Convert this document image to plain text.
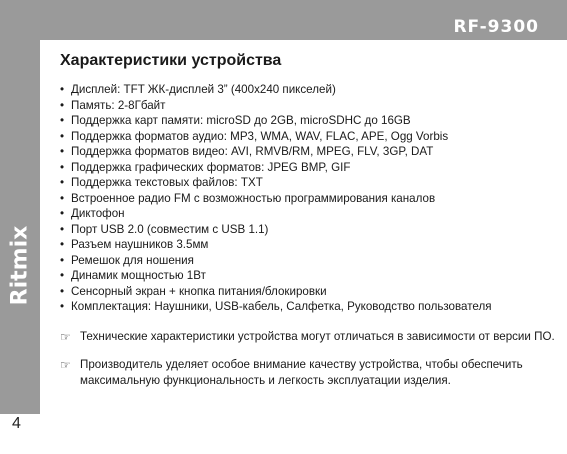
RF-9300
Ritmix
4
Характеристики устройства
• Дисплей: TFT ЖК-дисплей 3” (400х240 пикселей)
• Память: 2-8Гбайт
• Поддержка карт памяти: microSD до 2GB, microSDHC до 16GB
• Поддержка форматов аудио: MP3, WMA, WAV, FLAC, APE, Ogg Vorbis
• Поддержка форматов видео: AVI, RMVB/RM, MPEG, FLV, 3GP, DAT
• Поддержка графических форматов: JPEG BMP, GIF
• Поддержка текстовых файлов: TXT
• Встроенное радио FM с возможностью программирования каналов
• Диктофон
• Порт USB 2.0 (совместим с USB 1.1)
• Разъем наушников 3.5мм
• Ремешок для ношения
• Динамик мощностью 1Вт
• Сенсорный экран + кнопка питания/блокировки
• Комплектация: Наушники, USB-кабель, Салфетка, Руководство пользователя
☞ Технические характеристики устройства могут отличаться в зависимости от версии ПО.
☞ Производитель уделяет особое внимание качеству устройства, чтобы обеспечить максимальную функциональность и легкость эксплуатации изделия.
